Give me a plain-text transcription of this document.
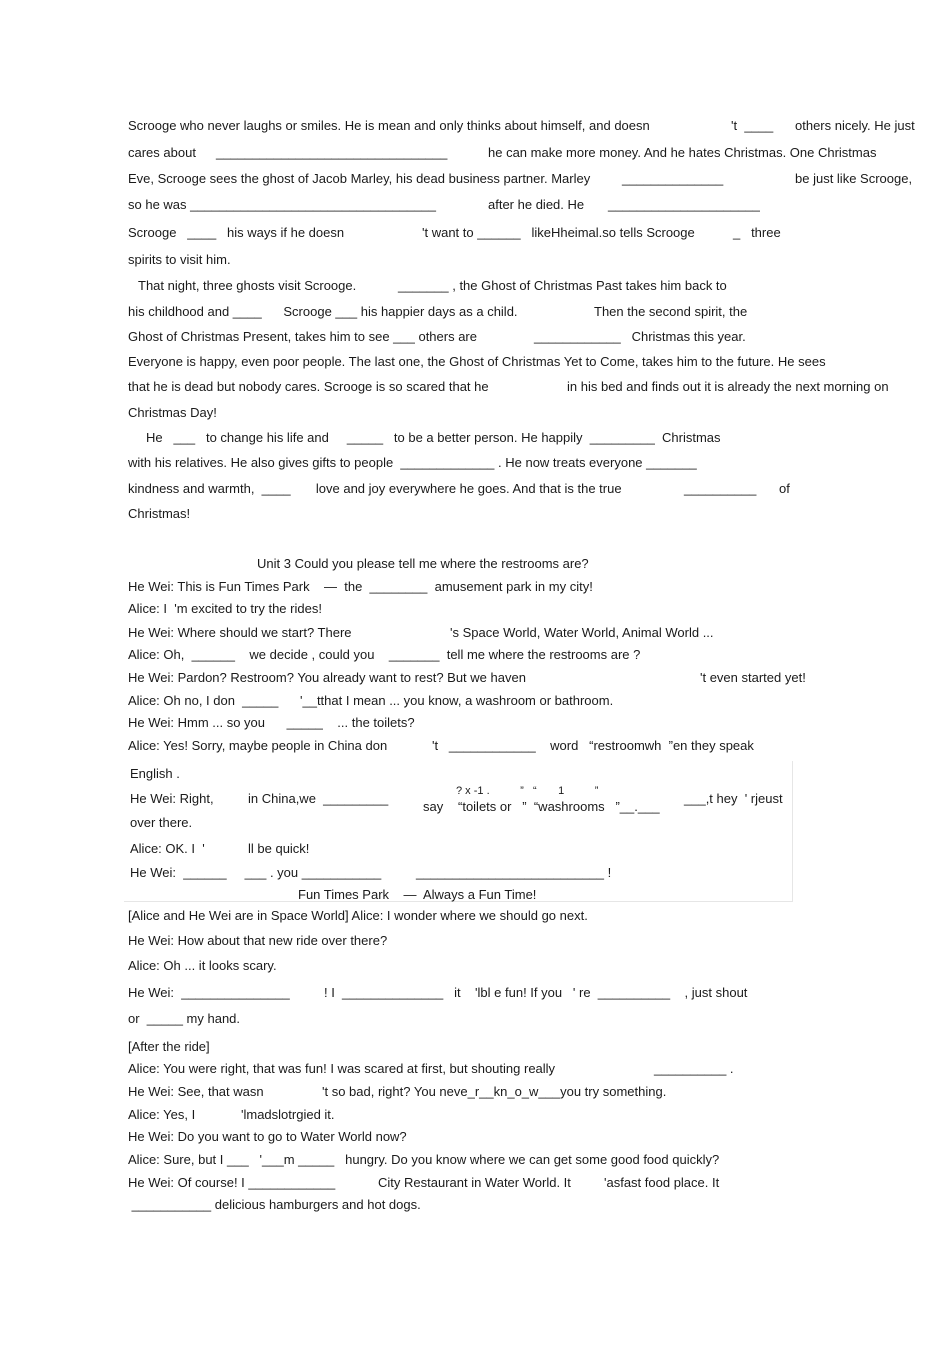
Scrooge who never laughs or smiles. He is mean and only thinks about himself, and doesn	't  ____ others nicely. He just
cares about ________________________________	he can make more money. And he hates Christmas. One Christmas
Eve, Scrooge sees the ghost of Jacob Marley, his dead business partner. Marley ______________	be just like Scrooge,
so he was __________________________________	after he died. He _____________________
Scrooge   ____   his ways if he doesn	't want to ______   likeHheimal.so tells Scrooge	_   three
spirits to visit him.
That night, three ghosts visit Scrooge.	_______ , the Ghost of Christmas Past takes him back to
his childhood and ____      Scrooge ___ his happier days as a child.	Then the second spirit, the
Ghost of Christmas Present, takes him to see ___ others are	____________   Christmas this year.
Everyone is happy, even poor people. The last one, the Ghost of Christmas Yet to Come, takes him to the future. He sees
that he is dead but nobody cares. Scrooge is so scared that he	in his bed and finds out it is already the next morning on
Christmas Day!
He   ___   to change his life and     _____   to be a better person. He happily  _________  Christmas
with his relatives. He also gives gifts to people  _____________ . He now treats everyone _______
kindness and warmth,  ____       love and joy everywhere he goes. And that is the true	__________ of
Christmas!
Unit 3 Could you please tell me where the restrooms are?
He Wei: This is Fun Times Park    —  the  ________  amusement park in my city!
Alice: I  'm excited to try the rides!
He Wei: Where should we start? There	's Space World, Water World, Animal World ...
Alice: Oh,  ______    we decide , could you    _______  tell me where the restrooms are ?
He Wei: Pardon? Restroom? You already want to rest? But we haven	't even started yet!
Alice: Oh no, I don  _____      '__tthat I mean ... you know, a washroom or bathroom.
He Wei: Hmm ... so you      _____    ... the toilets?
Alice: Yes! Sorry, maybe people in China don	't   ____________    word   “restroomwh  ”en they speak
English .
He Wei: Right,	in China,we  _________
say “toilets or   ”  “washrooms   ”__.___
___,t hey  ' rjeust
? x -1 .          ”   “       1          ”
over there.
Alice: OK. I  '	ll be quick!
He Wei:  ______     ___ . you ___________	__________________________ !
Fun Times Park    —  Always a Fun Time!
[Alice and He Wei are in Space World] Alice: I wonder where we should go next.
He Wei: How about that new ride over there?
Alice: Oh ... it looks scary.
He Wei:  _______________	! I  ______________   it    'lbl e fun! If you   ' re  __________    , just shout
or  _____ my hand.
[After the ride]
Alice: You were right, that was fun! I was scared at first, but shouting really	__________ .
He Wei: See, that wasn	't so bad, right? You neve_r__kn_o_w___you try something.
Alice: Yes, I	'lmadslotrgied it.
He Wei: Do you want to go to Water World now?
Alice: Sure, but I ___   '___m _____   hungry. Do you know where we can get some good food quickly?
He Wei: Of course! I ____________	City Restaurant in Water World. It	'asfast food place. It
___________ delicious hamburgers and hot dogs.
